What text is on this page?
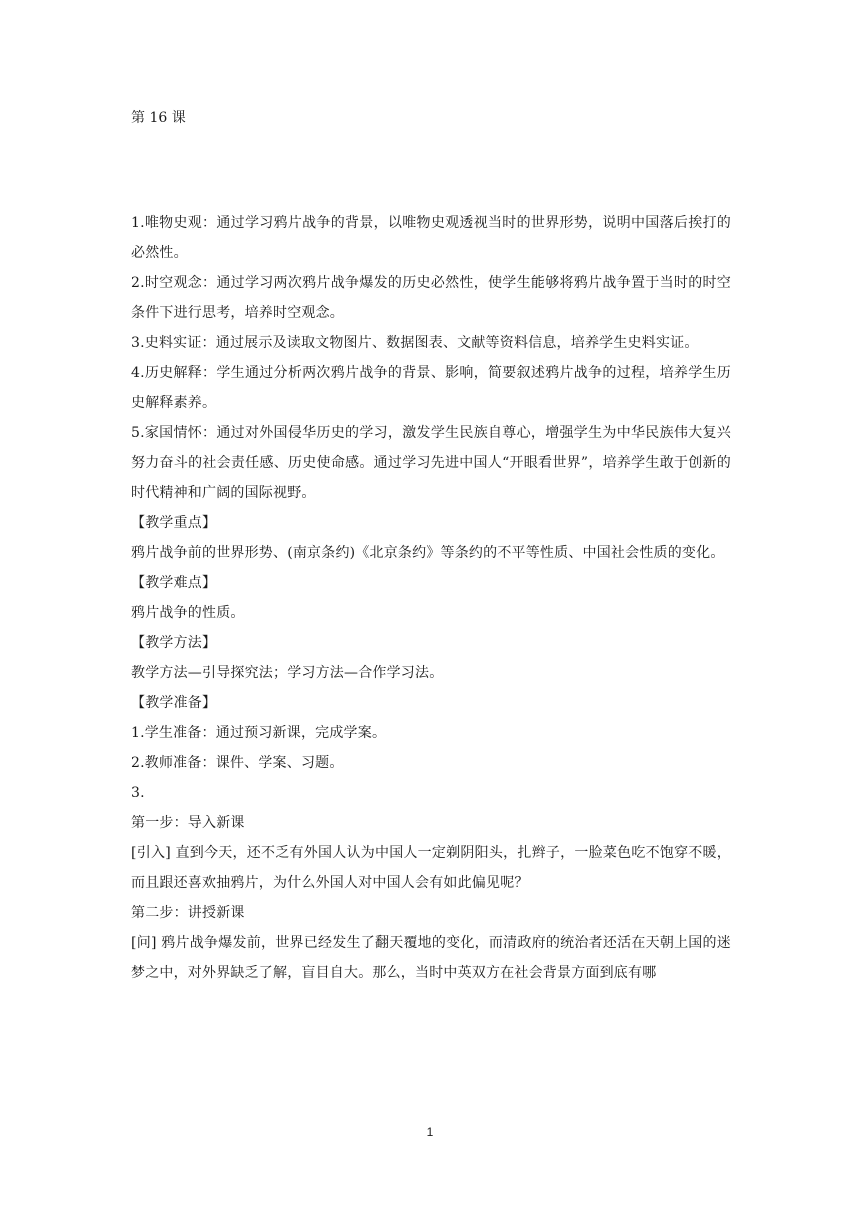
第 16 课

1.唯物史观：通过学习鸦片战争的背景，以唯物史观透视当时的世界形势，说明中国落后挨打的必然性。

2.时空观念：通过学习两次鸦片战争爆发的历史必然性，使学生能够将鸦片战争置于当时的时空条件下进行思考，培养时空观念。

3.史料实证：通过展示及读取文物图片、数据图表、文献等资料信息，培养学生史料实证。

4.历史解释：学生通过分析两次鸦片战争的背景、影响，简要叙述鸦片战争的过程，培养学生历史解释素养。

5.家国情怀：通过对外国侵华历史的学习，激发学生民族自尊心，增强学生为中华民族伟大复兴努力奋斗的社会责任感、历史使命感。通过学习先进中国人“开眼看世界”，培养学生敢于创新的时代精神和广阔的国际视野。

【教学重点】

鸦片战争前的世界形势、(南京条约)《北京条约》等条约的不平等性质、中国社会性质的变化。

【教学难点】

鸦片战争的性质。

【教学方法】

教学方法—引导探究法；学习方法—合作学习法。

【教学准备】

1.学生准备：通过预习新课，完成学案。

2.教师准备：课件、学案、习题。

3.

第一步：导入新课

[引入] 直到今天，还不乏有外国人认为中国人一定剃阴阳头，扎辫子，一脸菜色吃不饱穿不暖，而且跟还喜欢抽鸦片，为什么外国人对中国人会有如此偏见呢？

第二步：讲授新课

[问] 鸦片战争爆发前，世界已经发生了翻天覆地的变化，而清政府的统治者还活在天朝上国的迷梦之中，对外界缺乏了解，盲目自大。那么，当时中英双方在社会背景方面到底有哪

1
